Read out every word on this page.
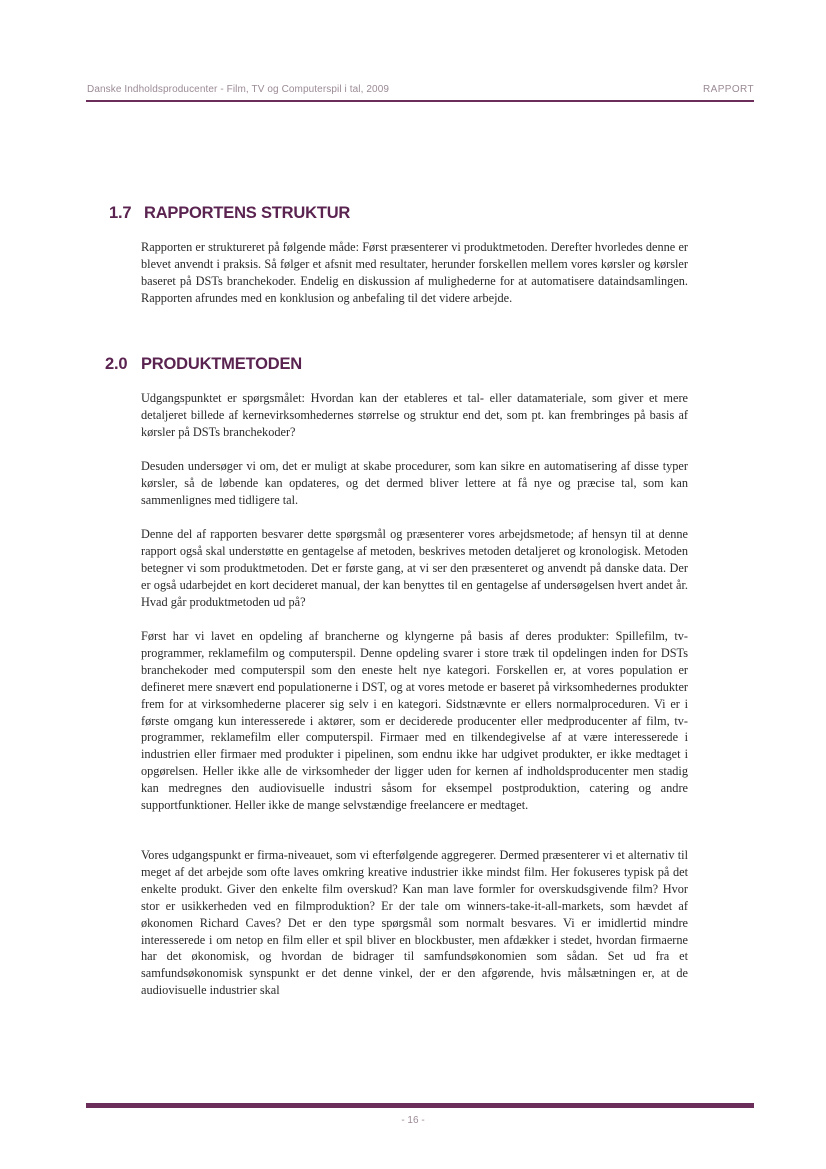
Danske Indholdsproducenter - Film, TV og Computerspil i tal, 2009	RAPPORT
1.7 RAPPORTENS STRUKTUR

Rapporten er struktureret på følgende måde: Først præsenterer vi produktmetoden. Derefter hvorledes denne er blevet anvendt i praksis. Så følger et afsnit med resultater, herunder forskellen mellem vores kørsler og kørsler baseret på DSTs branchekoder. Endelig en diskussion af mulighederne for at automatisere dataindsamlingen. Rapporten afrundes med en konklusion og anbefaling til det videre arbejde.

2.0 PRODUKTMETODEN

Udgangspunktet er spørgsmålet: Hvordan kan der etableres et tal- eller datamateriale, som giver et mere detaljeret billede af kernevirksomhedernes størrelse og struktur end det, som pt. kan frembringes på basis af kørsler på DSTs branchekoder?

Desuden undersøger vi om, det er muligt at skabe procedurer, som kan sikre en automatisering af disse typer kørsler, så de løbende kan opdateres, og det dermed bliver lettere at få nye og præcise tal, som kan sammenlignes med tidligere tal.

Denne del af rapporten besvarer dette spørgsmål og præsenterer vores arbejdsmetode; af hensyn til at denne rapport også skal understøtte en gentagelse af metoden, beskrives metoden detaljeret og kronologisk. Metoden betegner vi som produktmetoden. Det er første gang, at vi ser den præsenteret og anvendt på danske data. Der er også udarbejdet en kort decideret manual, der kan benyttes til en gentagelse af undersøgelsen hvert andet år. Hvad går produktmetoden ud på?

Først har vi lavet en opdeling af brancherne og klyngerne på basis af deres produkter: Spillefilm, tv-programmer, reklamefilm og computerspil. Denne opdeling svarer i store træk til opdelingen inden for DSTs branchekoder med computerspil som den eneste helt nye kategori. Forskellen er, at vores population er defineret mere snævert end populationerne i DST, og at vores metode er baseret på virksomhedernes produkter frem for at virksomhederne placerer sig selv i en kategori. Sidstnævnte er ellers normalproceduren. Vi er i første omgang kun interesserede i aktører, som er deciderede producenter eller medproducenter af film, tv-programmer, reklamefilm eller computerspil. Firmaer med en tilkendegivelse af at være interesserede i industrien eller firmaer med produkter i pipelinen, som endnu ikke har udgivet produkter, er ikke medtaget i opgørelsen. Heller ikke alle de virksomheder der ligger uden for kernen af indholdsproducenter men stadig kan medregnes den audiovisuelle industri såsom for eksempel postproduktion, catering og andre supportfunktioner. Heller ikke de mange selvstændige freelancere er medtaget.

Vores udgangspunkt er firma-niveauet, som vi efterfølgende aggregerer. Dermed præsenterer vi et alternativ til meget af det arbejde som ofte laves omkring kreative industrier ikke mindst film. Her fokuseres typisk på det enkelte produkt. Giver den enkelte film overskud? Kan man lave formler for overskudsgivende film? Hvor stor er usikkerheden ved en filmproduktion? Er der tale om winners-take-it-all-markets, som hævdet af økonomen Richard Caves? Det er den type spørgsmål som normalt besvares. Vi er imidlertid mindre interesserede i om netop en film eller et spil bliver en blockbuster, men afdækker i stedet, hvordan firmaerne har det økonomisk, og hvordan de bidrager til samfundsøkonomien som sådan. Set ud fra et samfundsøkonomisk synspunkt er det denne vinkel, der er den afgørende, hvis målsætningen er, at de audiovisuelle industrier skal

- 16 -
